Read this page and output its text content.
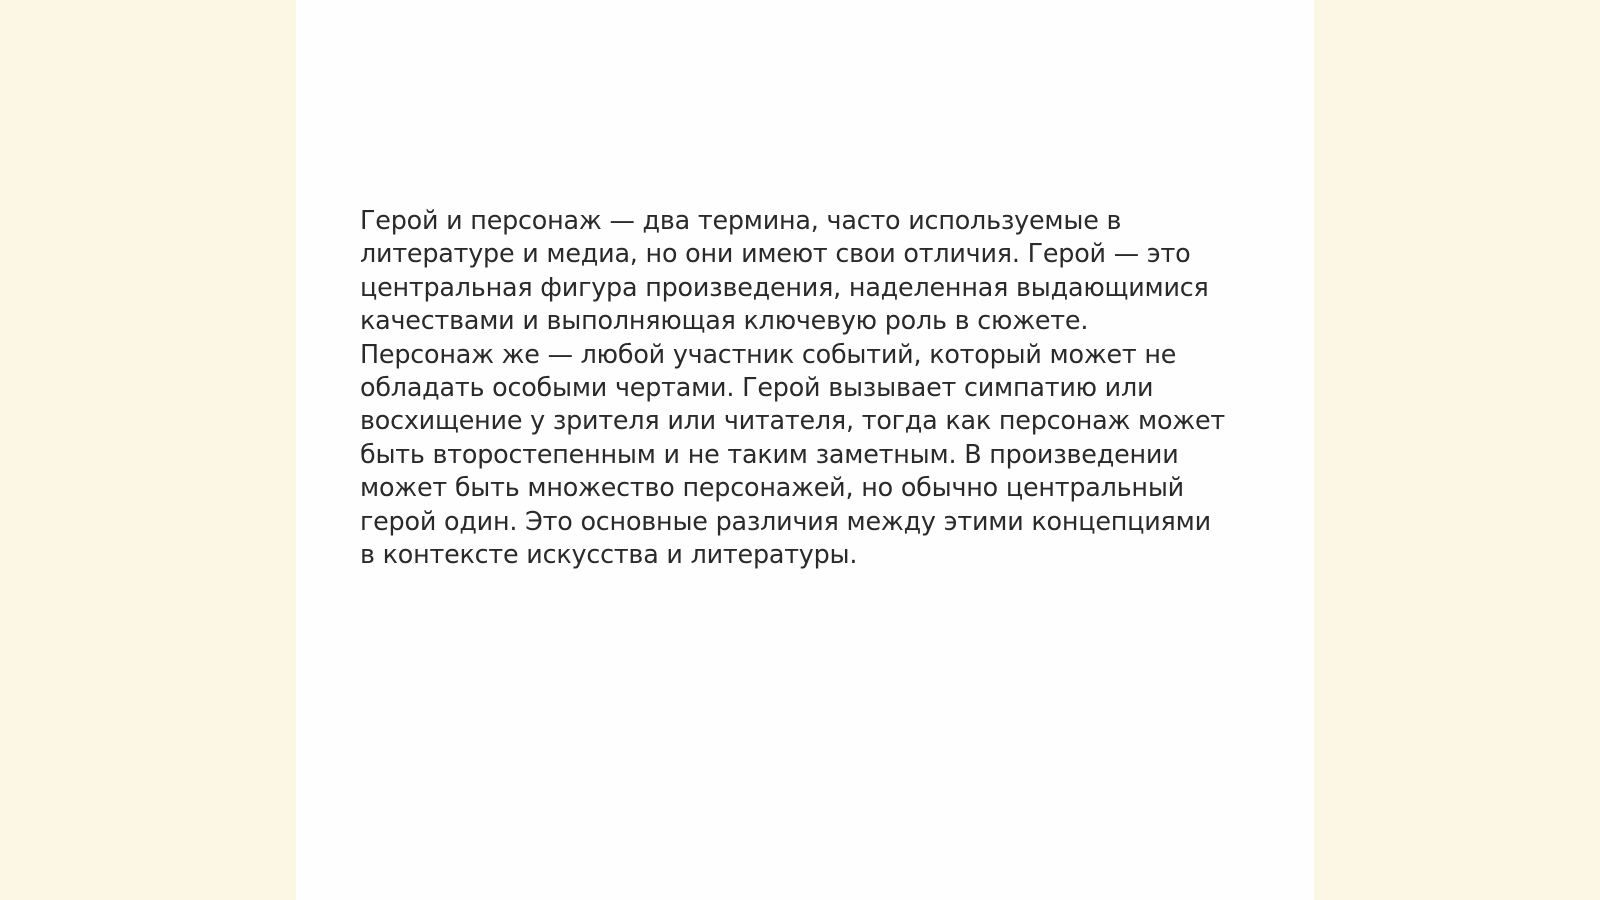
Герой и персонаж — два термина, часто используемые в
литературе и медиа, но они имеют свои отличия. Герой — это
центральная фигура произведения, наделенная выдающимися
качествами и выполняющая ключевую роль в сюжете.
Персонаж же — любой участник событий, который может не
обладать особыми чертами. Герой вызывает симпатию или
восхищение у зрителя или читателя, тогда как персонаж может
быть второстепенным и не таким заметным. В произведении
может быть множество персонажей, но обычно центральный
герой один. Это основные различия между этими концепциями
в контексте искусства и литературы.
